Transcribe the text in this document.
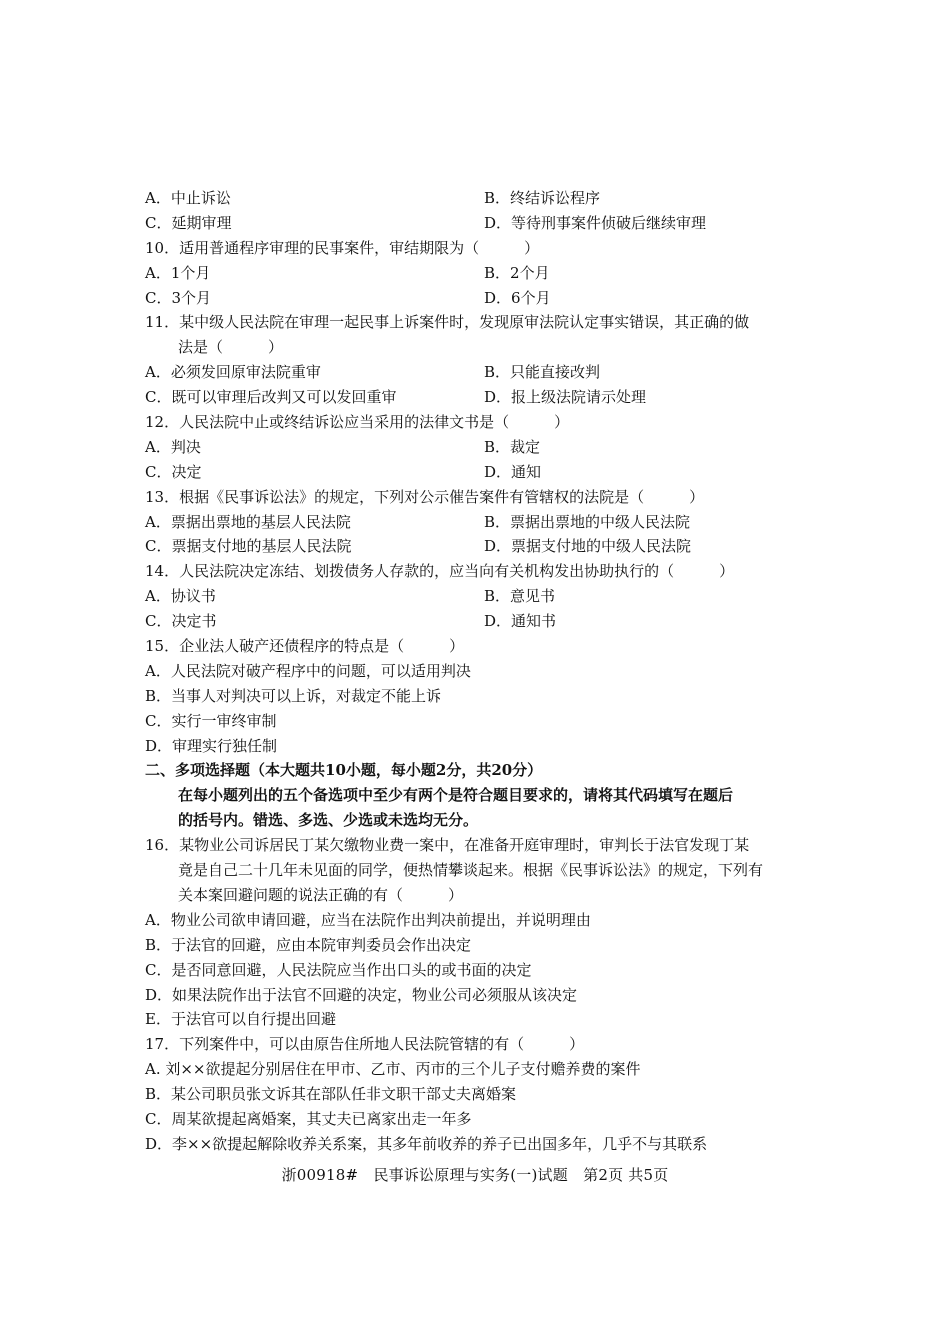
A．中止诉讼	B．终结诉讼程序
C．延期审理	D．等待刑事案件侦破后继续审理
10．适用普通程序审理的民事案件，审结期限为（　　　）
A．1个月	B．2个月
C．3个月	D．6个月
11．某中级人民法院在审理一起民事上诉案件时，发现原审法院认定事实错误，其正确的做
法是（　　　）
A．必须发回原审法院重审	B．只能直接改判
C．既可以审理后改判又可以发回重审	D．报上级法院请示处理
12．人民法院中止或终结诉讼应当采用的法律文书是（　　　）
A．判决	B．裁定
C．决定	D．通知
13．根据《民事诉讼法》的规定，下列对公示催告案件有管辖权的法院是（　　　）
A．票据出票地的基层人民法院	B．票据出票地的中级人民法院
C．票据支付地的基层人民法院	D．票据支付地的中级人民法院
14．人民法院决定冻结、划拨债务人存款的，应当向有关机构发出协助执行的（　　　）
A．协议书	B．意见书
C．决定书	D．通知书
15．企业法人破产还债程序的特点是（　　　）
A．人民法院对破产程序中的问题，可以适用判决
B．当事人对判决可以上诉，对裁定不能上诉
C．实行一审终审制
D．审理实行独任制
二、多项选择题（本大题共10小题，每小题2分，共20分）
在每小题列出的五个备选项中至少有两个是符合题目要求的，请将其代码填写在题后
的括号内。错选、多选、少选或未选均无分。
16．某物业公司诉居民丁某欠缴物业费一案中，在准备开庭审理时，审判长于法官发现丁某
竟是自己二十几年未见面的同学，便热情攀谈起来。根据《民事诉讼法》的规定，下列有
关本案回避问题的说法正确的有（　　　）
A．物业公司欲申请回避，应当在法院作出判决前提出，并说明理由
B．于法官的回避，应由本院审判委员会作出决定
C．是否同意回避，人民法院应当作出口头的或书面的决定
D．如果法院作出于法官不回避的决定，物业公司必须服从该决定
E．于法官可以自行提出回避
17．下列案件中，可以由原告住所地人民法院管辖的有（　　　）
A. 刘××欲提起分别居住在甲市、乙市、丙市的三个儿子支付赡养费的案件
B．某公司职员张文诉其在部队任非文职干部丈夫离婚案
C．周某欲提起离婚案，其丈夫已离家出走一年多
D．李××欲提起解除收养关系案，其多年前收养的养子已出国多年，几乎不与其联系
浙00918#　民事诉讼原理与实务(一)试题　第2页 共5页
